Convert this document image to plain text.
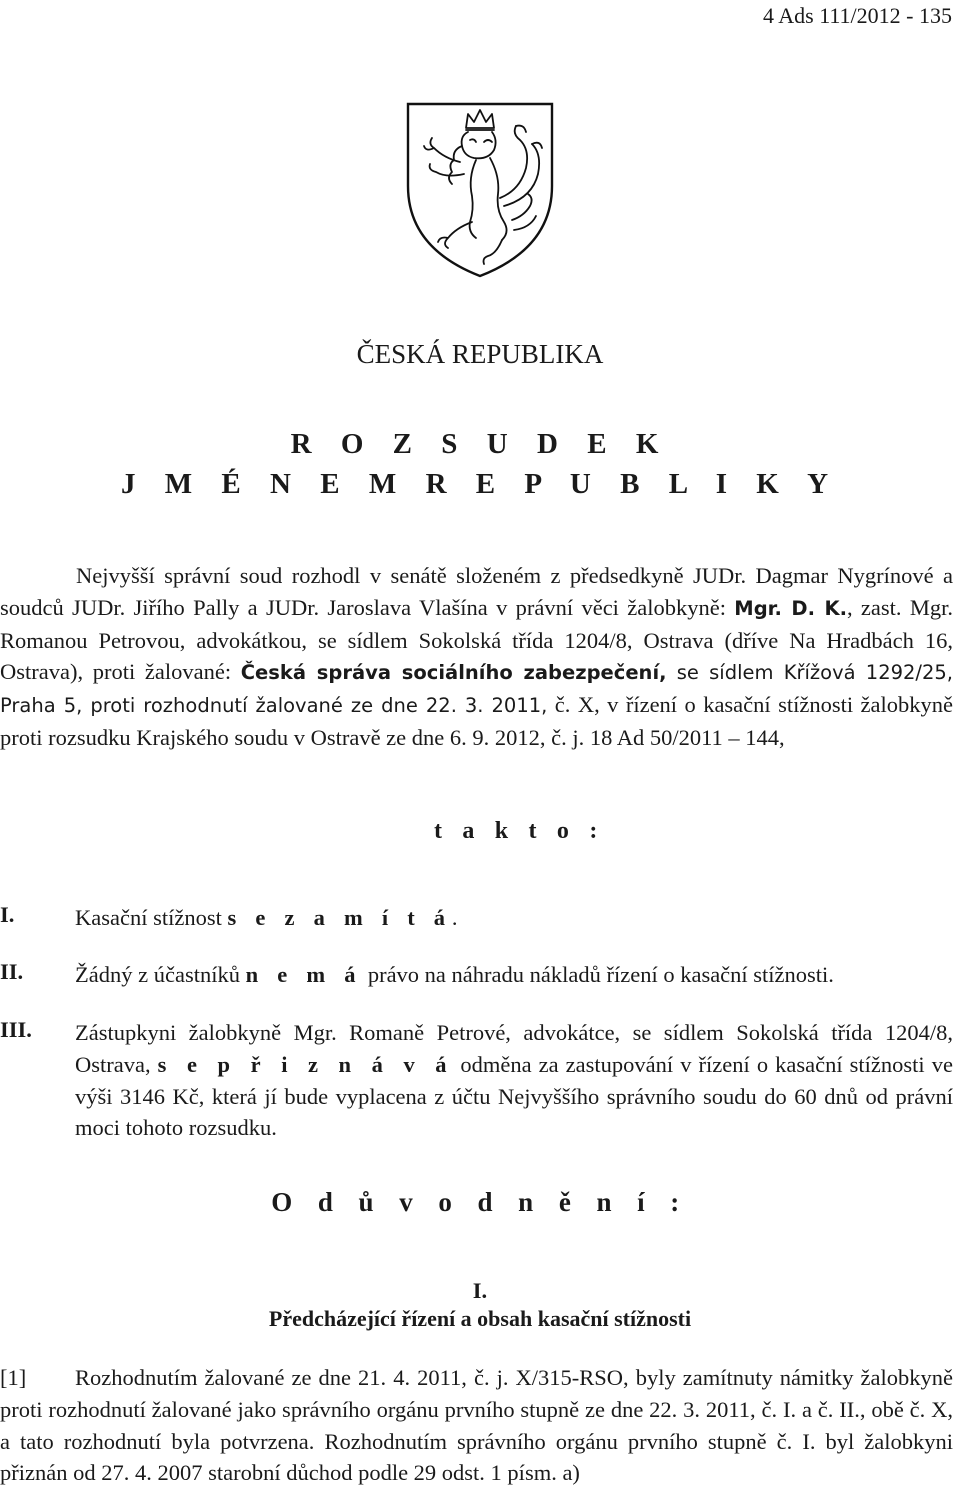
4 Ads 111/2012 - 135
ČESKÁ REPUBLIKA
R O Z S U D E K
J M É N E M R E P U B L I K Y
Nejvyšší správní soud rozhodl v senátě složeném z předsedkyně JUDr. Dagmar Nygrínové a soudců JUDr. Jiřího Pally a JUDr. Jaroslava Vlašína v právní věci žalobkyně: Mgr. D. K., zast. Mgr. Romanou Petrovou, advokátkou, se sídlem Sokolská třída 1204/8, Ostrava (dříve Na Hradbách 16, Ostrava), proti žalované: Česká správa sociálního zabezpečení, se sídlem Křížová 1292/25, Praha 5, proti rozhodnutí žalované ze dne 22. 3. 2011, č. X, v řízení o kasační stížnosti žalobkyně proti rozsudku Krajského soudu v Ostravě ze dne 6. 9. 2012, č. j. 18 Ad 50/2011 – 144,
t a k t o :
I.	Kasační stížnost s e z a m í t á.
II. Žádný z účastníků n e m á právo na náhradu nákladů řízení o kasační stížnosti.
III. Zástupkyni žalobkyně Mgr. Romaně Petrové, advokátce, se sídlem Sokolská třída 1204/8, Ostrava, s e p ř i z n á v á odměna za zastupování v řízení o kasační stížnosti ve výši 3146 Kč, která jí bude vyplacena z účtu Nejvyššího správního soudu do 60 dnů od právní moci tohoto rozsudku.
O d ů v o d n ě n í :
I.
Předcházející řízení a obsah kasační stížnosti
[1] Rozhodnutím žalované ze dne 21. 4. 2011, č. j. X/315-RSO, byly zamítnuty námitky žalobkyně proti rozhodnutí žalované jako správního orgánu prvního stupně ze dne 22. 3. 2011, č. I. a č. II., obě č. X, a tato rozhodnutí byla potvrzena. Rozhodnutím správního orgánu prvního stupně č. I. byl žalobkyni přiznán od 27. 4. 2007 starobní důchod podle 29 odst. 1 písm. a)
